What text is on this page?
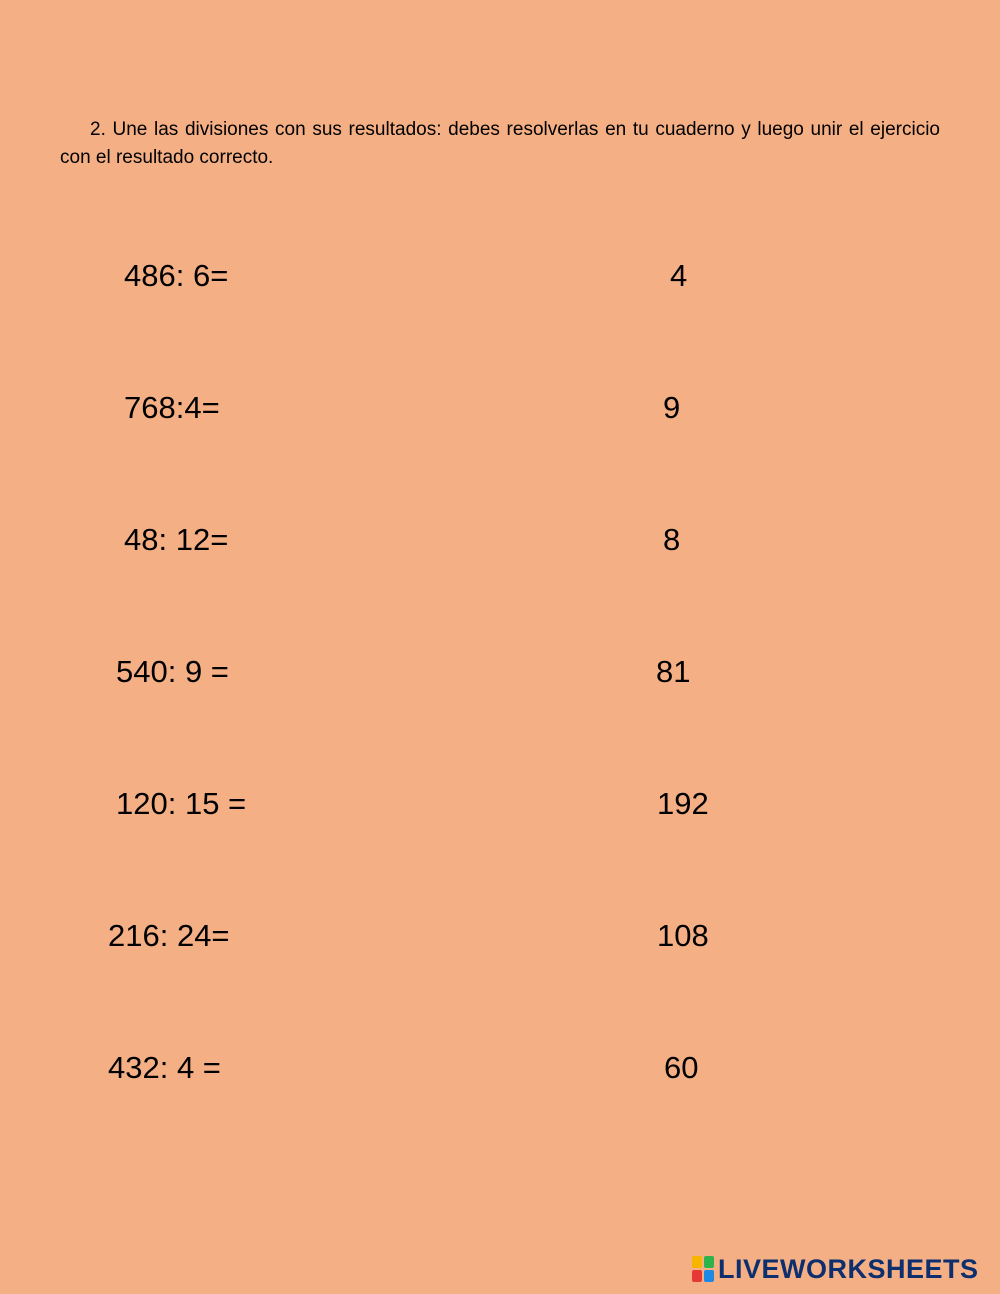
2. Une las divisiones con sus resultados: debes resolverlas en tu cuaderno y luego unir el ejercicio con el resultado correcto.

486: 6=
768:4=
48: 12=
540: 9 =
120: 15 =
216: 24=
432: 4 =
4
9
8
81
192
108
60
LIVEWORKSHEETS
